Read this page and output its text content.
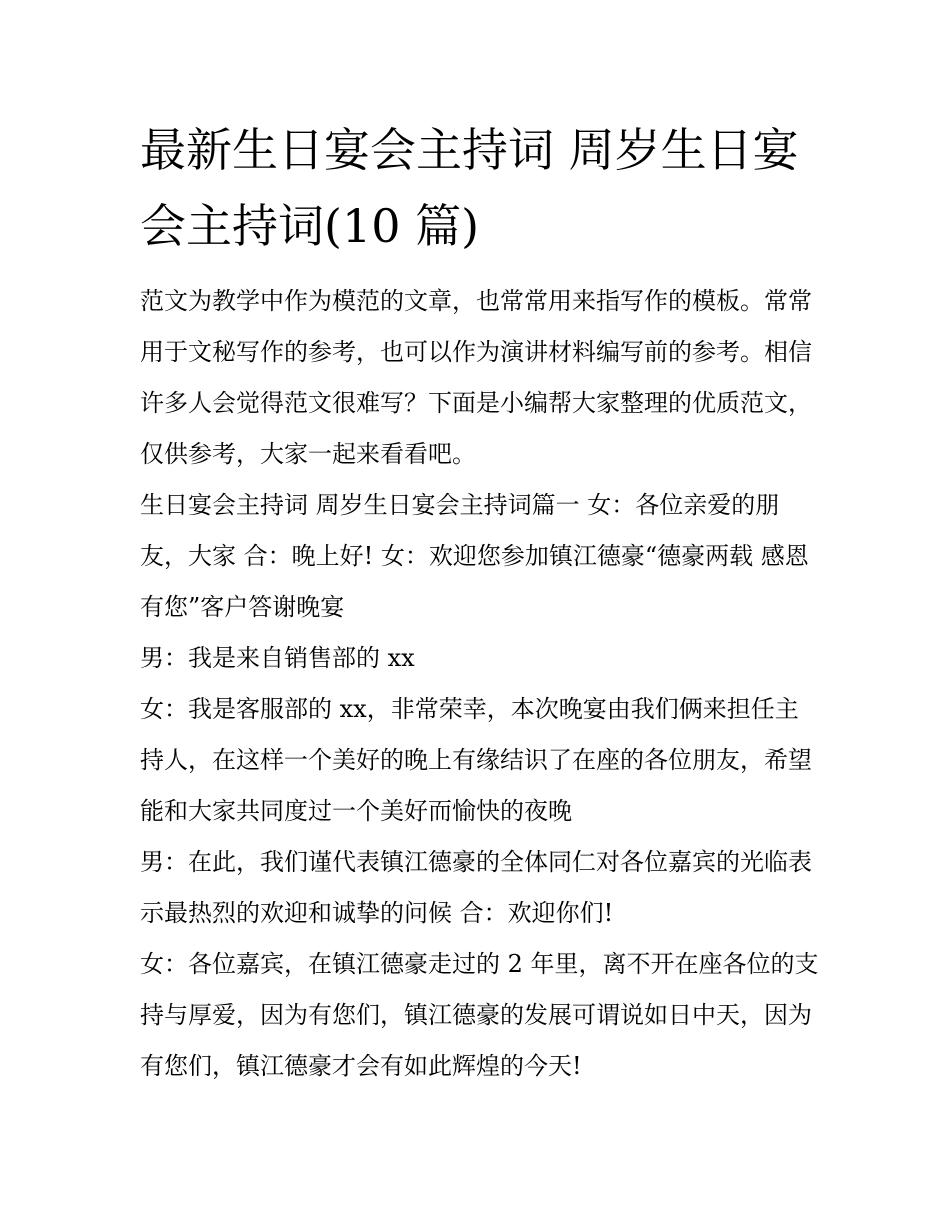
最新生日宴会主持词 周岁生日宴会主持词(10 篇)

范文为教学中作为模范的文章，也常常用来指写作的模板。常常用于文秘写作的参考，也可以作为演讲材料编写前的参考。相信许多人会觉得范文很难写？下面是小编帮大家整理的优质范文，仅供参考，大家一起来看看吧。

生日宴会主持词 周岁生日宴会主持词篇一 女：各位亲爱的朋友，大家 合：晚上好! 女：欢迎您参加镇江德豪“德豪两载 感恩有您”客户答谢晚宴

男：我是来自销售部的 xx

女：我是客服部的 xx，非常荣幸，本次晚宴由我们俩来担任主持人，在这样一个美好的晚上有缘结识了在座的各位朋友，希望能和大家共同度过一个美好而愉快的夜晚

男：在此，我们谨代表镇江德豪的全体同仁对各位嘉宾的光临表示最热烈的欢迎和诚挚的问候 合：欢迎你们!

女：各位嘉宾，在镇江德豪走过的 2 年里，离不开在座各位的支持与厚爱，因为有您们，镇江德豪的发展可谓说如日中天，因为有您们，镇江德豪才会有如此辉煌的今天!
